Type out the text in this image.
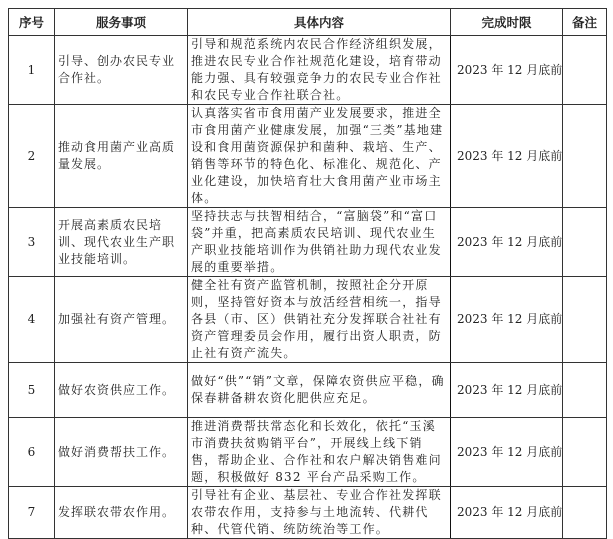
序号	服务事项	具体内容	完成时限	备注
1	引导、创办农民专业合作社。	引导和规范系统内农民合作经济组织发展，推进农民专业合作社规范化建设，培育带动能力强、具有较强竞争力的农民专业合作社和农民专业合作社联合社。	2023 年 12 月底前	
2	推动食用菌产业高质量发展。	认真落实省市食用菌产业发展要求，推进全市食用菌产业健康发展，加强“三类”基地建设和食用菌资源保护和菌种、栽培、生产、销售等环节的特色化、标准化、规范化、产业化建设，加快培育壮大食用菌产业市场主体。	2023 年 12 月底前	
3	开展高素质农民培训、现代农业生产职业技能培训。	坚持扶志与扶智相结合，“富脑袋”和“富口袋”并重，把高素质农民培训、现代农业生产职业技能培训作为供销社助力现代农业发展的重要举措。	2023 年 12 月底前	
4	加强社有资产管理。	健全社有资产监管机制，按照社企分开原则，坚持管好资本与放活经营相统一，指导各县（市、区）供销社充分发挥联合社社有资产管理委员会作用，履行出资人职责，防止社有资产流失。	2023 年 12 月底前	
5	做好农资供应工作。	做好“供”“销”文章，保障农资供应平稳，确保春耕备耕农资化肥供应充足。	2023 年 12 月底前	
6	做好消费帮扶工作。	推进消费帮扶常态化和长效化，依托“玉溪市消费扶贫购销平台”，开展线上线下销售，帮助企业、合作社和农户解决销售难问题，积极做好 832 平台产品采购工作。	2023 年 12 月底前	
7	发挥联农带农作用。	引导社有企业、基层社、专业合作社发挥联农带农作用，支持参与土地流转、代耕代种、代管代销、统防统治等工作。	2023 年 12 月底前	
